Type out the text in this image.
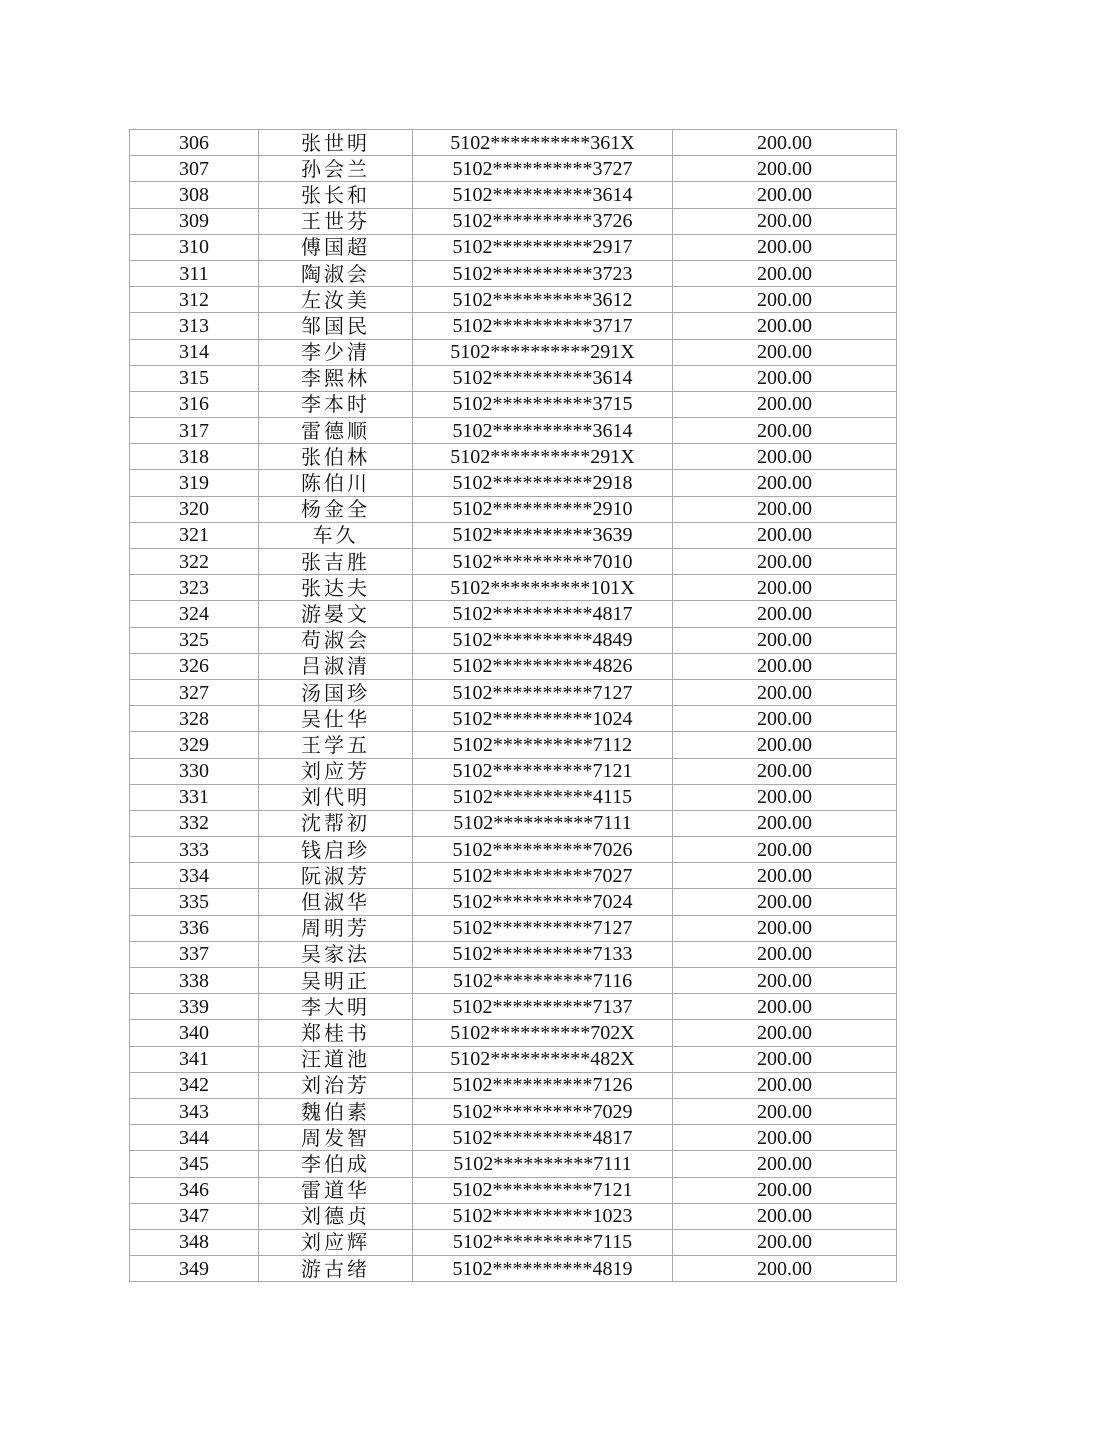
306	张世明	5102**********361X	200.00
307	孙会兰	5102**********3727	200.00
308	张长和	5102**********3614	200.00
309	王世芬	5102**********3726	200.00
310	傅国超	5102**********2917	200.00
311	陶淑会	5102**********3723	200.00
312	左汝美	5102**********3612	200.00
313	邹国民	5102**********3717	200.00
314	李少清	5102**********291X	200.00
315	李熙林	5102**********3614	200.00
316	李本时	5102**********3715	200.00
317	雷德顺	5102**********3614	200.00
318	张伯林	5102**********291X	200.00
319	陈伯川	5102**********2918	200.00
320	杨金全	5102**********2910	200.00
321	车久	5102**********3639	200.00
322	张吉胜	5102**********7010	200.00
323	张达夫	5102**********101X	200.00
324	游晏文	5102**********4817	200.00
325	苟淑会	5102**********4849	200.00
326	吕淑清	5102**********4826	200.00
327	汤国珍	5102**********7127	200.00
328	吴仕华	5102**********1024	200.00
329	王学五	5102**********7112	200.00
330	刘应芳	5102**********7121	200.00
331	刘代明	5102**********4115	200.00
332	沈帮初	5102**********7111	200.00
333	钱启珍	5102**********7026	200.00
334	阮淑芳	5102**********7027	200.00
335	但淑华	5102**********7024	200.00
336	周明芳	5102**********7127	200.00
337	吴家法	5102**********7133	200.00
338	吴明正	5102**********7116	200.00
339	李大明	5102**********7137	200.00
340	郑桂书	5102**********702X	200.00
341	汪道池	5102**********482X	200.00
342	刘治芳	5102**********7126	200.00
343	魏伯素	5102**********7029	200.00
344	周发智	5102**********4817	200.00
345	李伯成	5102**********7111	200.00
346	雷道华	5102**********7121	200.00
347	刘德贞	5102**********1023	200.00
348	刘应辉	5102**********7115	200.00
349	游古绪	5102**********4819	200.00
